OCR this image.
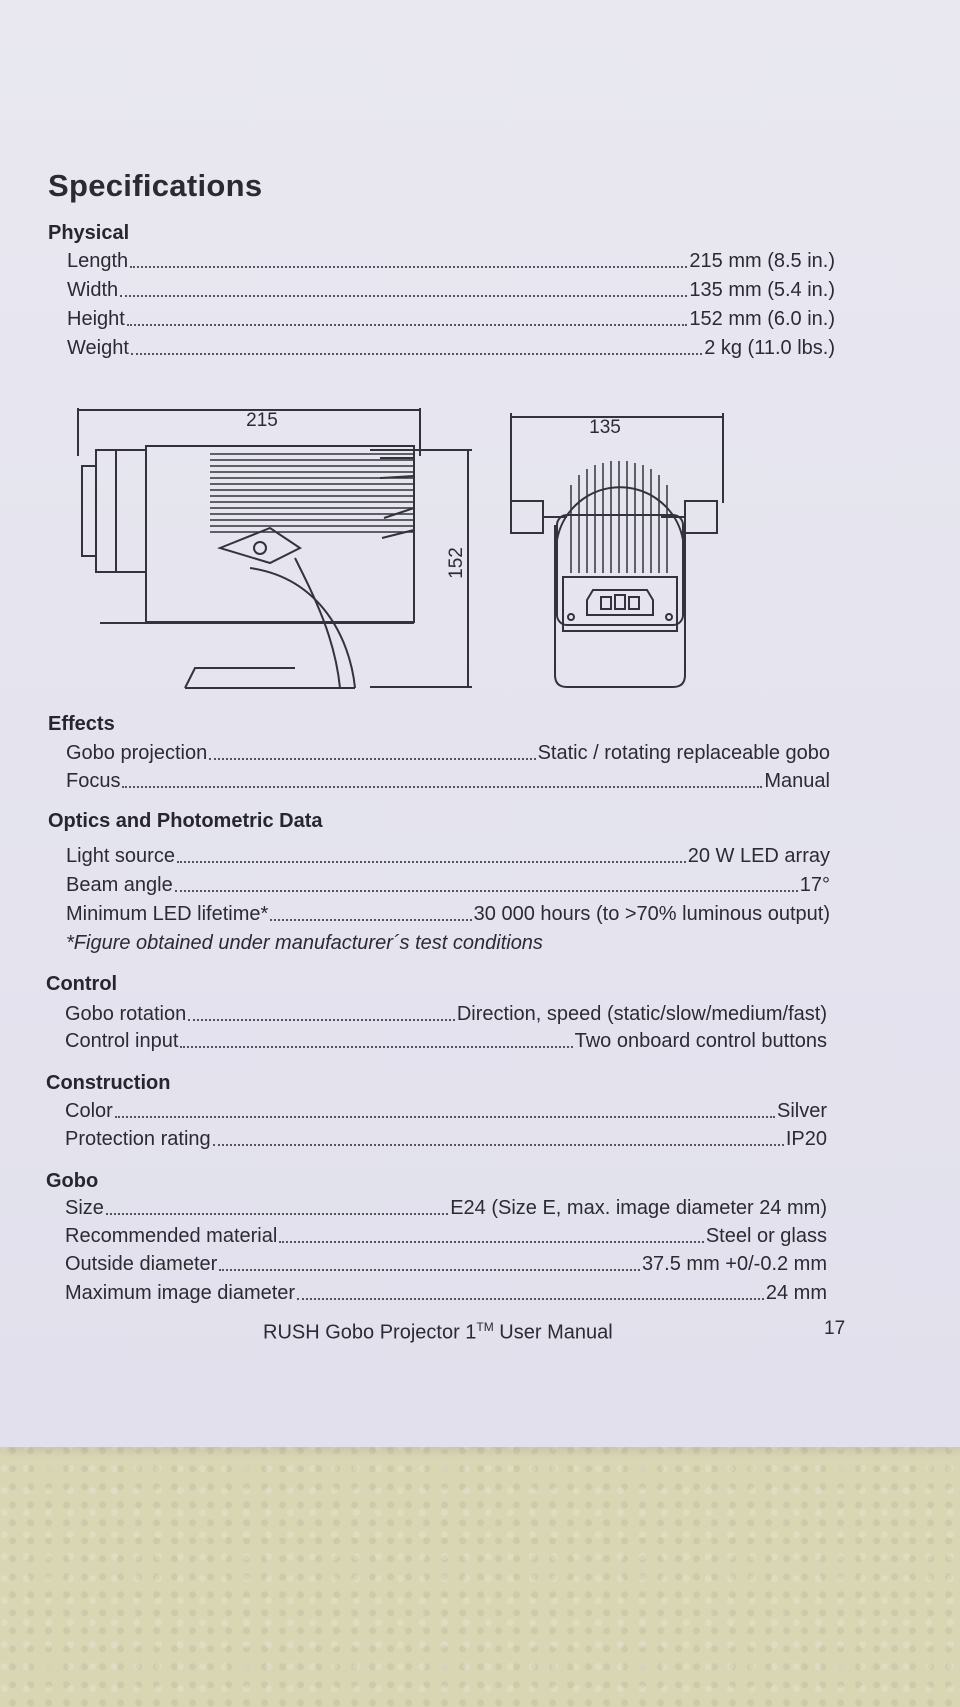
Specifications
Physical
Length	215 mm (8.5 in.)
Width	135 mm (5.4 in.)
Height	152 mm (6.0 in.)
Weight	2 kg (11.0 lbs.)
215
152
135
Effects
Gobo projection	Static / rotating replaceable gobo
Focus	Manual
Optics and Photometric Data
Light source	20 W LED array
Beam angle	17°
Minimum LED lifetime*	30 000 hours (to >70% luminous output)
*Figure obtained under manufacturer´s test conditions
Control
Gobo rotation	Direction, speed (static/slow/medium/fast)
Control input	Two onboard control buttons
Construction
Color	Silver
Protection rating	IP20
Gobo
Size	E24 (Size E, max. image diameter 24 mm)
Recommended material	Steel or glass
Outside diameter	37.5 mm +0/-0.2 mm
Maximum image diameter	24 mm
RUSH Gobo Projector 1™ User Manual	17
